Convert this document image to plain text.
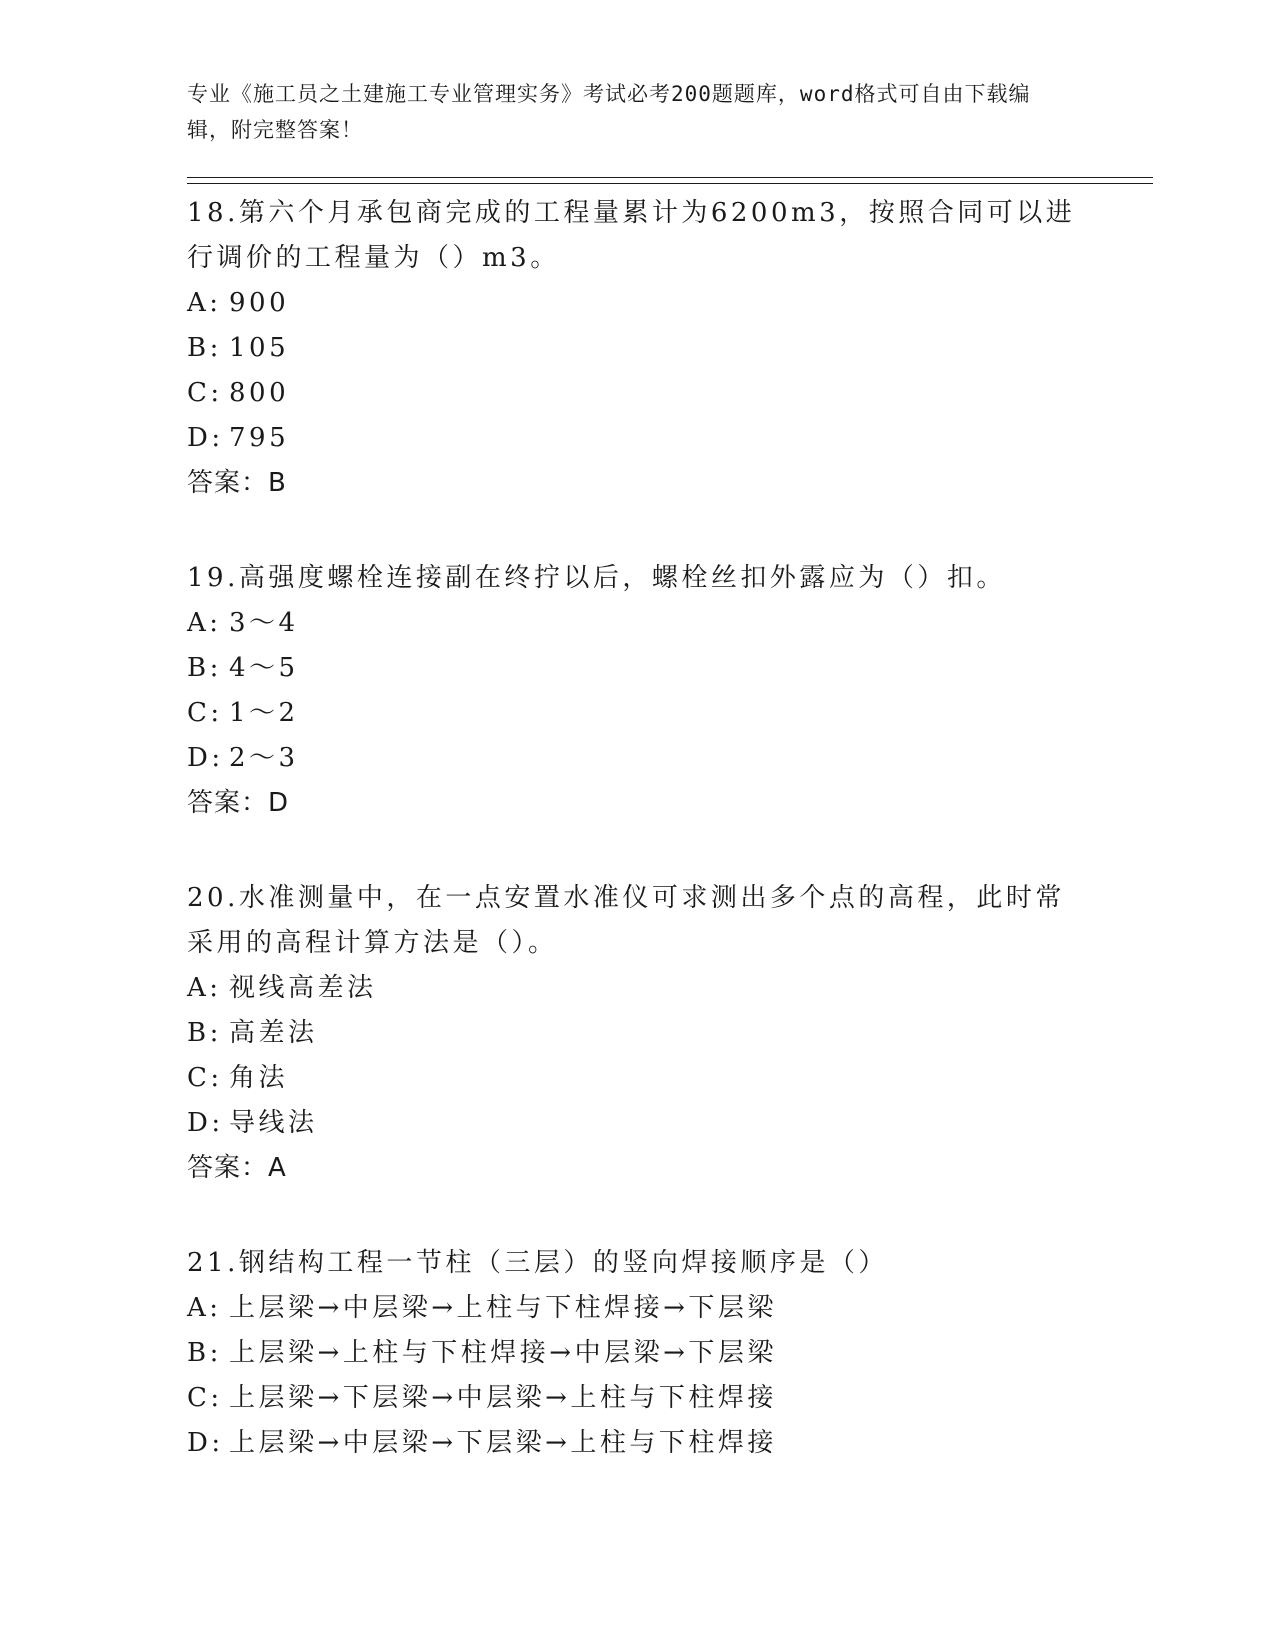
专业《施工员之土建施工专业管理实务》考试必考200题题库，word格式可自由下载编辑，附完整答案！

18.第六个月承包商完成的工程量累计为6200m3，按照合同可以进行调价的工程量为（）m3。

A: 900

B: 105

C: 800

D: 795

答案：B

19.高强度螺栓连接副在终拧以后，螺栓丝扣外露应为（）扣。

A: 3～4

B: 4～5

C: 1～2

D: 2～3

答案：D

20.水准测量中，在一点安置水准仪可求测出多个点的高程，此时常采用的高程计算方法是（）。

A: 视线高差法

B: 高差法

C: 角法

D: 导线法

答案：A

21.钢结构工程一节柱（三层）的竖向焊接顺序是（）

A: 上层梁→中层梁→上柱与下柱焊接→下层梁

B: 上层梁→上柱与下柱焊接→中层梁→下层梁

C: 上层梁→下层梁→中层梁→上柱与下柱焊接

D: 上层梁→中层梁→下层梁→上柱与下柱焊接
